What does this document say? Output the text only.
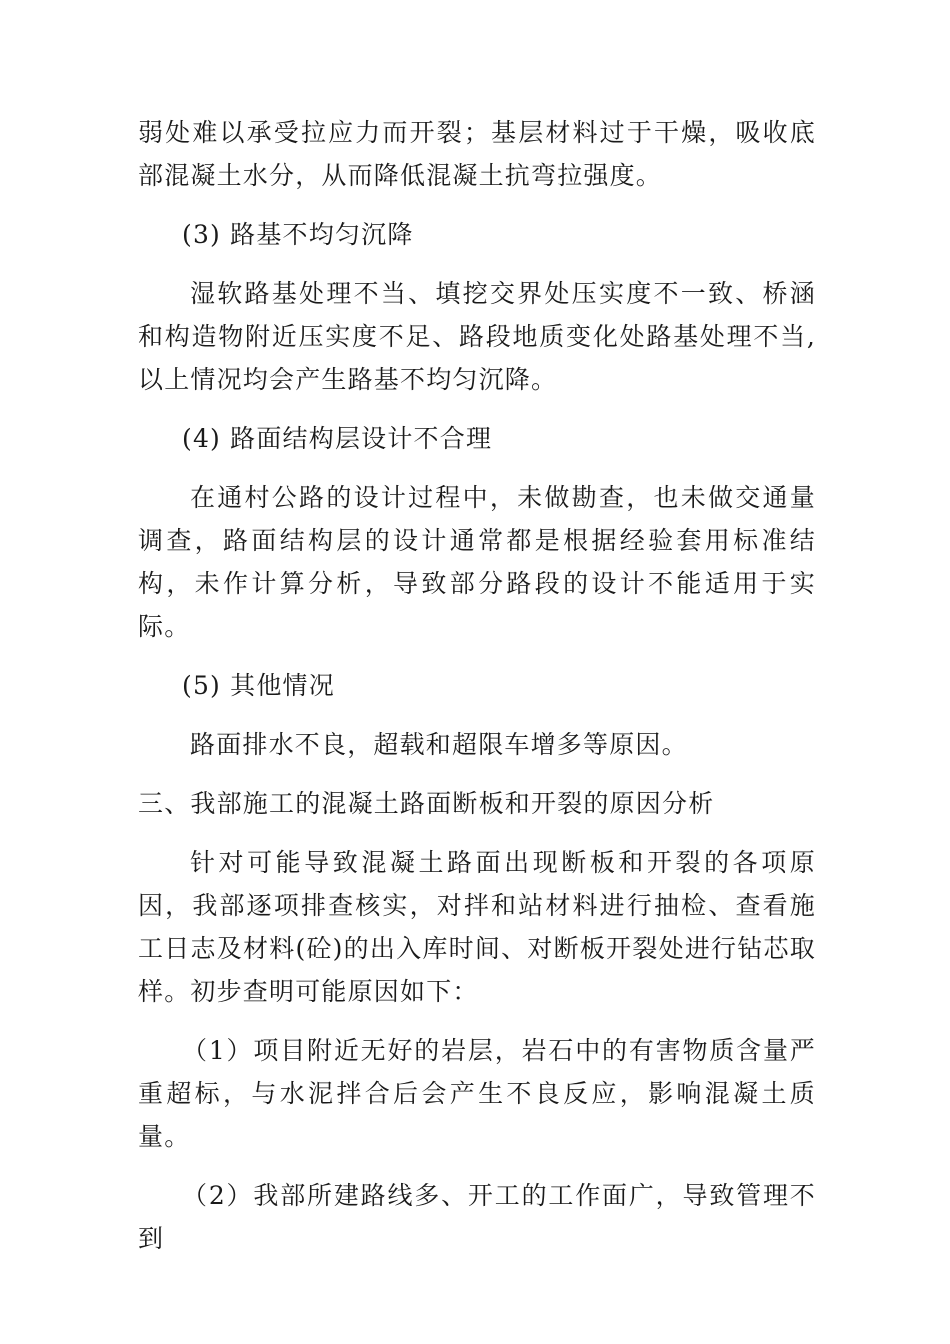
弱处难以承受拉应力而开裂；基层材料过于干燥，吸收底部混凝土水分，从而降低混凝土抗弯拉强度。

(3) 路基不均匀沉降

湿软路基处理不当、填挖交界处压实度不一致、桥涵和构造物附近压实度不足、路段地质变化处路基处理不当,以上情况均会产生路基不均匀沉降。

(4) 路面结构层设计不合理

在通村公路的设计过程中，未做勘查，也未做交通量调查，路面结构层的设计通常都是根据经验套用标准结构，未作计算分析，导致部分路段的设计不能适用于实际。

(5) 其他情况

路面排水不良，超载和超限车增多等原因。

三、我部施工的混凝土路面断板和开裂的原因分析

针对可能导致混凝土路面出现断板和开裂的各项原因，我部逐项排查核实，对拌和站材料进行抽检、查看施工日志及材料(砼)的出入库时间、对断板开裂处进行钻芯取样。初步查明可能原因如下：

（1）项目附近无好的岩层，岩石中的有害物质含量严重超标，与水泥拌合后会产生不良反应，影响混凝土质量。

（2）我部所建路线多、开工的工作面广，导致管理不到
